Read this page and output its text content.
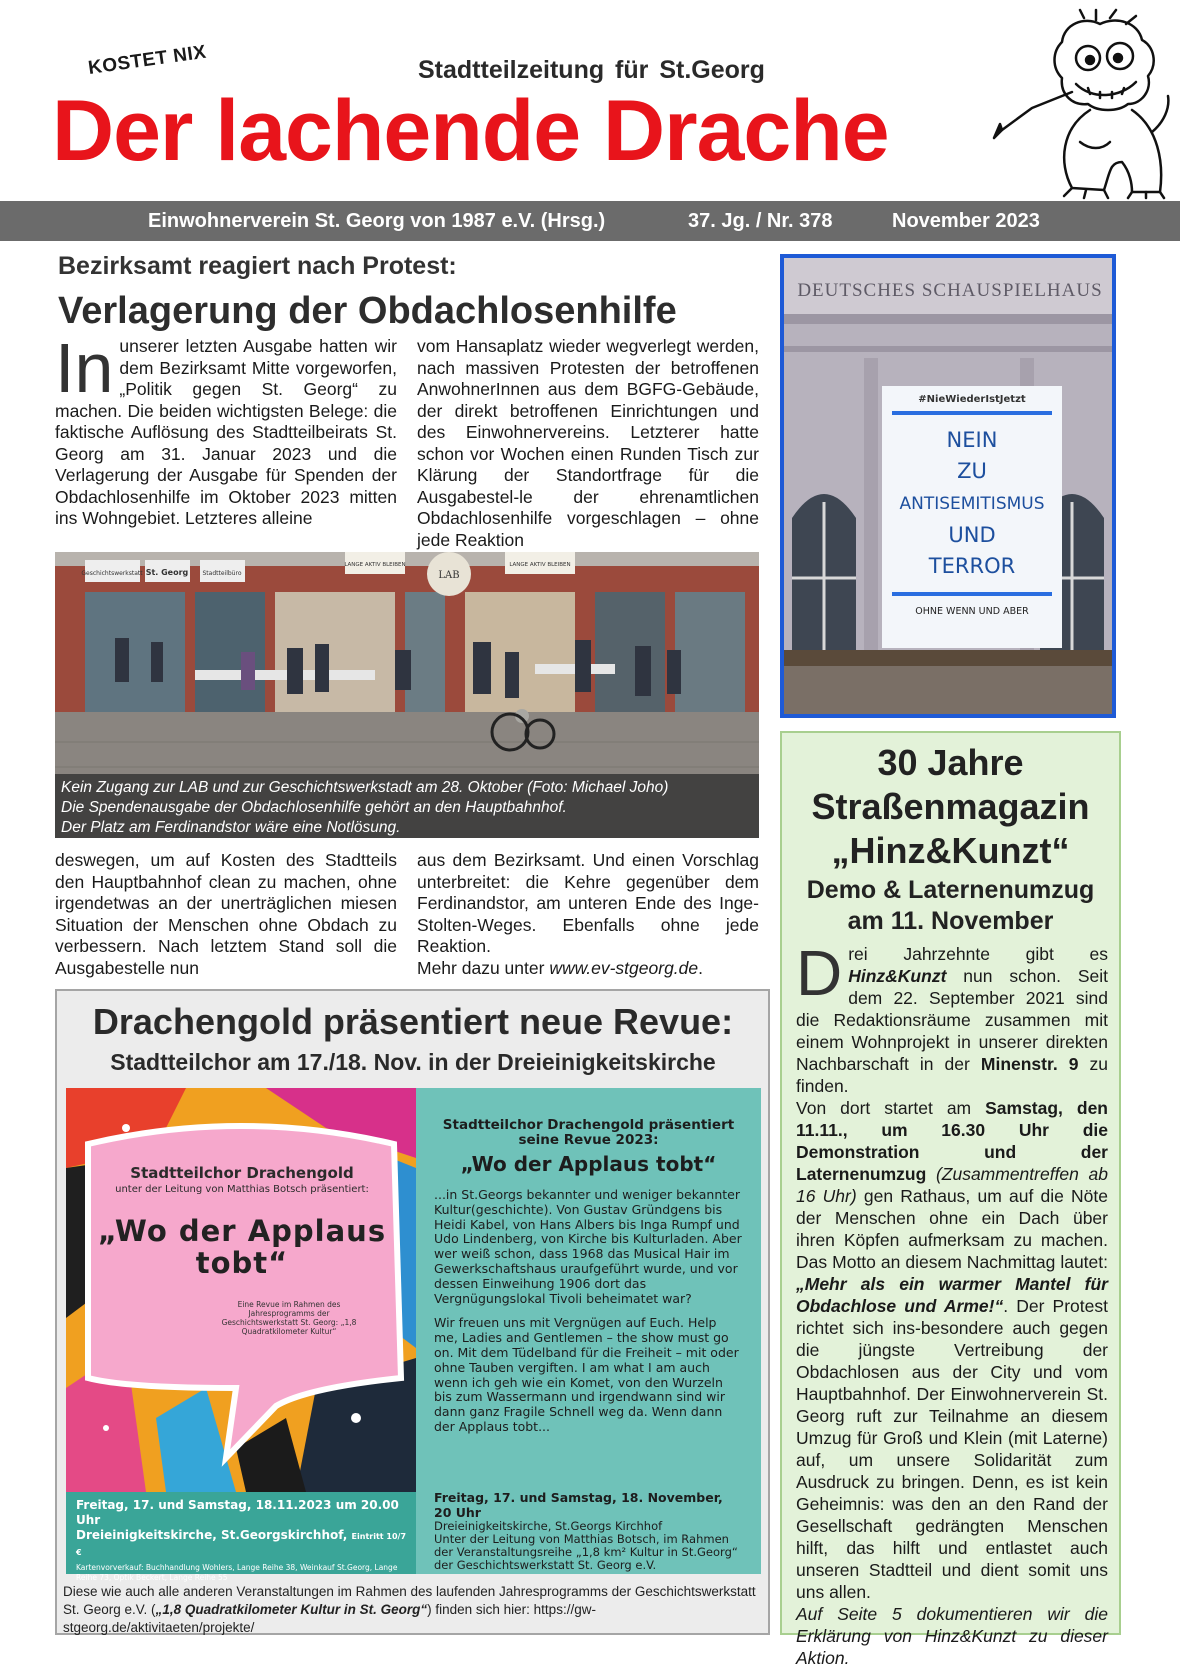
KOSTET NIX	Stadtteilzeitung für St.Georg
Der lachende Drache
Einwohnerverein St. Georg von 1987 e.V. (Hrsg.)	37. Jg. / Nr. 378	November 2023
Bezirksamt reagiert nach Protest:
Verlagerung der Obdachlosenhilfe
In unserer letzten Ausgabe hatten wir dem Bezirksamt Mitte vorgeworfen, „Politik gegen St. Georg“ zu machen. Die beiden wichtigsten Belege: die faktische Auflösung des Stadtteilbeirats St. Georg am 31. Januar 2023 und die Verlagerung der Ausgabe für Spenden der Obdachlosenhilfe im Oktober 2023 mitten ins Wohngebiet. Letzteres alleine
vom Hansaplatz wieder wegverlegt werden, nach massiven Protesten der betroffenen AnwohnerInnen aus dem BGFG-Gebäude, der direkt betroffenen Einrichtungen und des Einwohnervereins. Letzterer hatte schon vor Wochen einen Runden Tisch zur Klärung der Standortfrage für die Ausgabestel-le der ehrenamtlichen Obdachlosenhilfe vorgeschlagen – ohne jede Reaktion
Geschichtswerkstatt St. Georg Stadtteilbüro
LANGE AKTIV BLEIBEN
LAB
LANGE AKTIV BLEIBEN
Kein Zugang zur LAB und zur Geschichtswerkstadt am 28. Oktober (Foto: Michael Joho)
Die Spendenausgabe der Obdachlosenhilfe gehört an den Hauptbahnhof.
Der Platz am Ferdinandstor wäre eine Notlösung.
deswegen, um auf Kosten des Stadtteils den Hauptbahnhof clean zu machen, ohne irgendetwas an der unerträglichen miesen Situation der Menschen ohne Obdach zu verbessern. Nach letztem Stand soll die Ausgabestelle nun
aus dem Bezirksamt. Und einen Vorschlag unterbreitet: die Kehre gegenüber dem Ferdinandstor, am unteren Ende des Inge-Stolten-Weges. Ebenfalls ohne jede Reaktion.
Mehr dazu unter www.ev-stgeorg.de.
DEUTSCHES SCHAUSPIELHAUS
#NieWiederIstJetzt
NEIN
ZU
ANTISEMITISMUS
UND
TERROR
OHNE WENN UND ABER
30 Jahre
Straßenmagazin
„Hinz&Kunzt“
Demo & Laternenumzug
am 11. November
D rei Jahrzehnte gibt es Hinz&Kunzt nun schon. Seit dem 22. September 2021 sind die Redaktionsräume zusammen mit einem Wohnprojekt in unserer direkten Nachbarschaft in der Minenstr. 9 zu finden.
Von dort startet am Samstag, den 11.11., um 16.30 Uhr die Demonstration und der Laternenumzug (Zusammentreffen ab 16 Uhr) gen Rathaus, um auf die Nöte der Menschen ohne ein Dach über ihren Köpfen aufmerksam zu machen. Das Motto an diesem Nachmittag lautet: „Mehr als ein warmer Mantel für Obdachlose und Arme!“. Der Protest richtet sich ins-besondere auch gegen die jüngste Vertreibung der Obdachlosen aus der City und vom Hauptbahnhof. Der Einwohnerverein St. Georg ruft zur Teilnahme an diesem Umzug für Groß und Klein (mit Laterne) auf, um unsere Solidarität zum Ausdruck zu bringen. Denn, es ist kein Geheimnis: was den an den Rand der Gesellschaft gedrängten Menschen hilft, das hilft und entlastet auch unseren Stadtteil und dient somit uns uns allen.
Auf Seite 5 dokumentieren wir die Erklärung von Hinz&Kunzt zu dieser Aktion.
Drachengold präsentiert neue Revue:
Stadtteilchor am 17./18. Nov. in der Dreieinigkeitskirche
Stadtteilchor Drachengold
unter der Leitung von Matthias Botsch präsentiert:
„Wo der Applaus tobt“
Eine Revue im Rahmen des Jahresprogramms der Geschichtswerkstatt St. Georg: „1,8 Quadratkilometer Kultur“
Freitag, 17. und Samstag, 18.11.2023 um 20.00 Uhr
Dreieinigkeitskirche, St.Georgskirchhof, Eintritt 10/7 €
Kartenvorverkauf: Buchhandlung Wohlers, Lange Reihe 38, Weinkauf St.Georg, Lange Reihe 73, Optik Beckert, Lange Reihe 55
Stadtteilchor Drachengold präsentiert seine Revue 2023:
„Wo der Applaus tobt“

...in St.Georgs bekannter und weniger bekannter Kultur(geschichte). Von Gustav Gründgens bis Heidi Kabel, von Hans Albers bis Inga Rumpf und Udo Lindenberg, von Kirche bis Kulturladen. Aber wer weiß schon, dass 1968 das Musical Hair im Gewerkschaftshaus uraufgeführt wurde, und vor dessen Einweihung 1906 dort das Vergnügungslokal Tivoli beheimatet war?

Wir freuen uns mit Vergnügen auf Euch. Help me, Ladies and Gentlemen – the show must go on. Mit dem Tüdelband für die Freiheit – mit oder ohne Tauben vergiften. I am what I am auch wenn ich geh wie ein Komet, von den Wurzeln bis zum Wassermann und irgendwann sind wir dann ganz Fragile Schnell weg da. Wenn dann der Applaus tobt...

Freitag, 17. und Samstag, 18. November, 20 Uhr
Dreieinigkeitskirche, St.Georgs Kirchhof
Unter der Leitung von Matthias Botsch, im Rahmen der Veranstaltungsreihe „1,8 km² Kultur in St.Georg“ der Geschichtswerkstatt St. Georg e.V.
Diese wie auch alle anderen Veranstaltungen im Rahmen des laufenden Jahresprogramms der Geschichtswerkstatt St. Georg e.V. („1,8 Quadratkilometer Kultur in St. Georg“) finden sich hier: https://gw-stgeorg.de/aktivitaeten/projekte/
